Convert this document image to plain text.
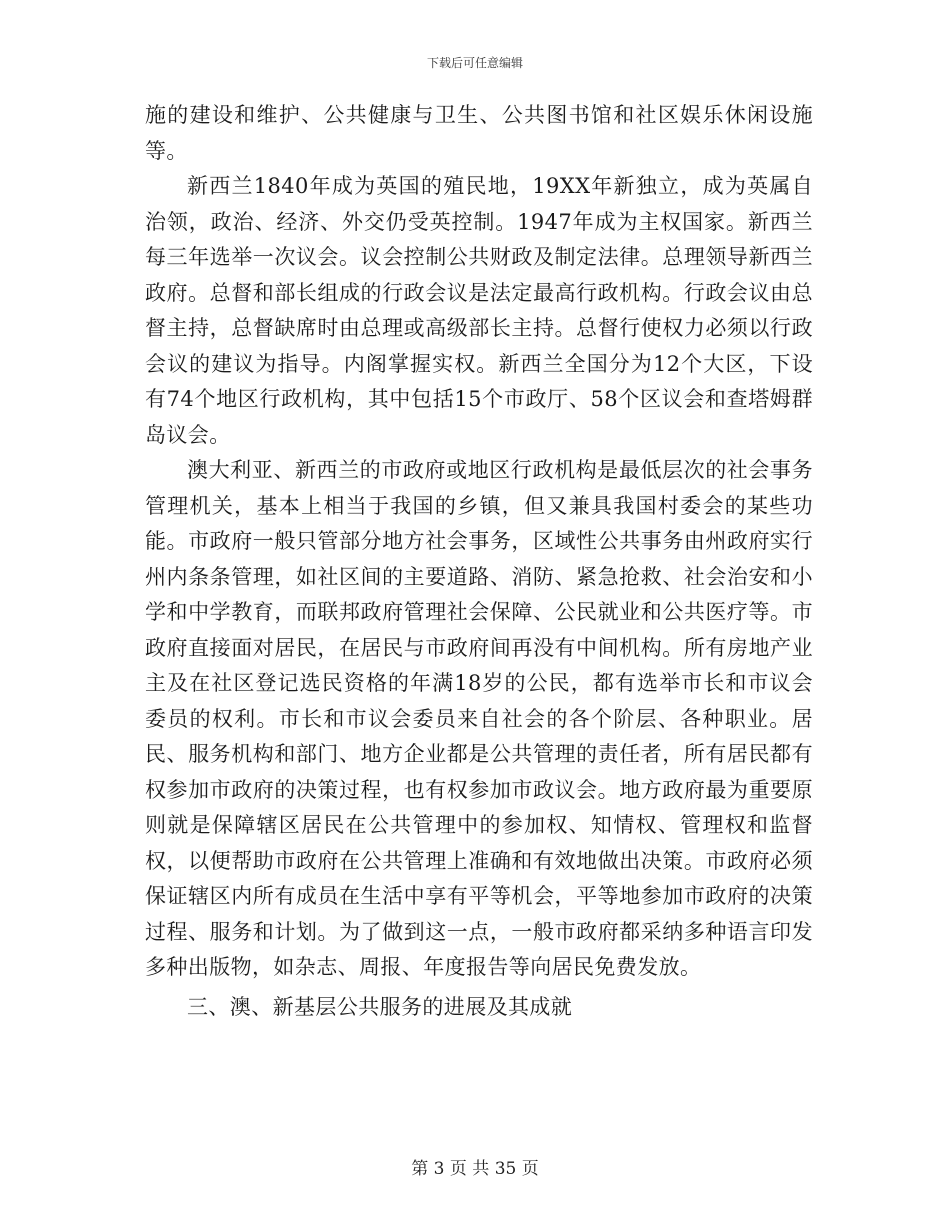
下载后可任意编辑

施的建设和维护、公共健康与卫生、公共图书馆和社区娱乐休闲设施等。

新西兰1840年成为英国的殖民地，19XX年新独立，成为英属自治领，政治、经济、外交仍受英控制。1947年成为主权国家。新西兰每三年选举一次议会。议会控制公共财政及制定法律。总理领导新西兰政府。总督和部长组成的行政会议是法定最高行政机构。行政会议由总督主持，总督缺席时由总理或高级部长主持。总督行使权力必须以行政会议的建议为指导。内阁掌握实权。新西兰全国分为12个大区，下设有74个地区行政机构，其中包括15个市政厅、58个区议会和查塔姆群岛议会。

澳大利亚、新西兰的市政府或地区行政机构是最低层次的社会事务管理机关，基本上相当于我国的乡镇，但又兼具我国村委会的某些功能。市政府一般只管部分地方社会事务，区域性公共事务由州政府实行州内条条管理，如社区间的主要道路、消防、紧急抢救、社会治安和小学和中学教育，而联邦政府管理社会保障、公民就业和公共医疗等。市政府直接面对居民，在居民与市政府间再没有中间机构。所有房地产业主及在社区登记选民资格的年满18岁的公民，都有选举市长和市议会委员的权利。市长和市议会委员来自社会的各个阶层、各种职业。居民、服务机构和部门、地方企业都是公共管理的责任者，所有居民都有权参加市政府的决策过程，也有权参加市政议会。地方政府最为重要原则就是保障辖区居民在公共管理中的参加权、知情权、管理权和监督权，以便帮助市政府在公共管理上准确和有效地做出决策。市政府必须保证辖区内所有成员在生活中享有平等机会，平等地参加市政府的决策过程、服务和计划。为了做到这一点，一般市政府都采纳多种语言印发多种出版物，如杂志、周报、年度报告等向居民免费发放。

三、澳、新基层公共服务的进展及其成就

第 3 页 共 35 页
